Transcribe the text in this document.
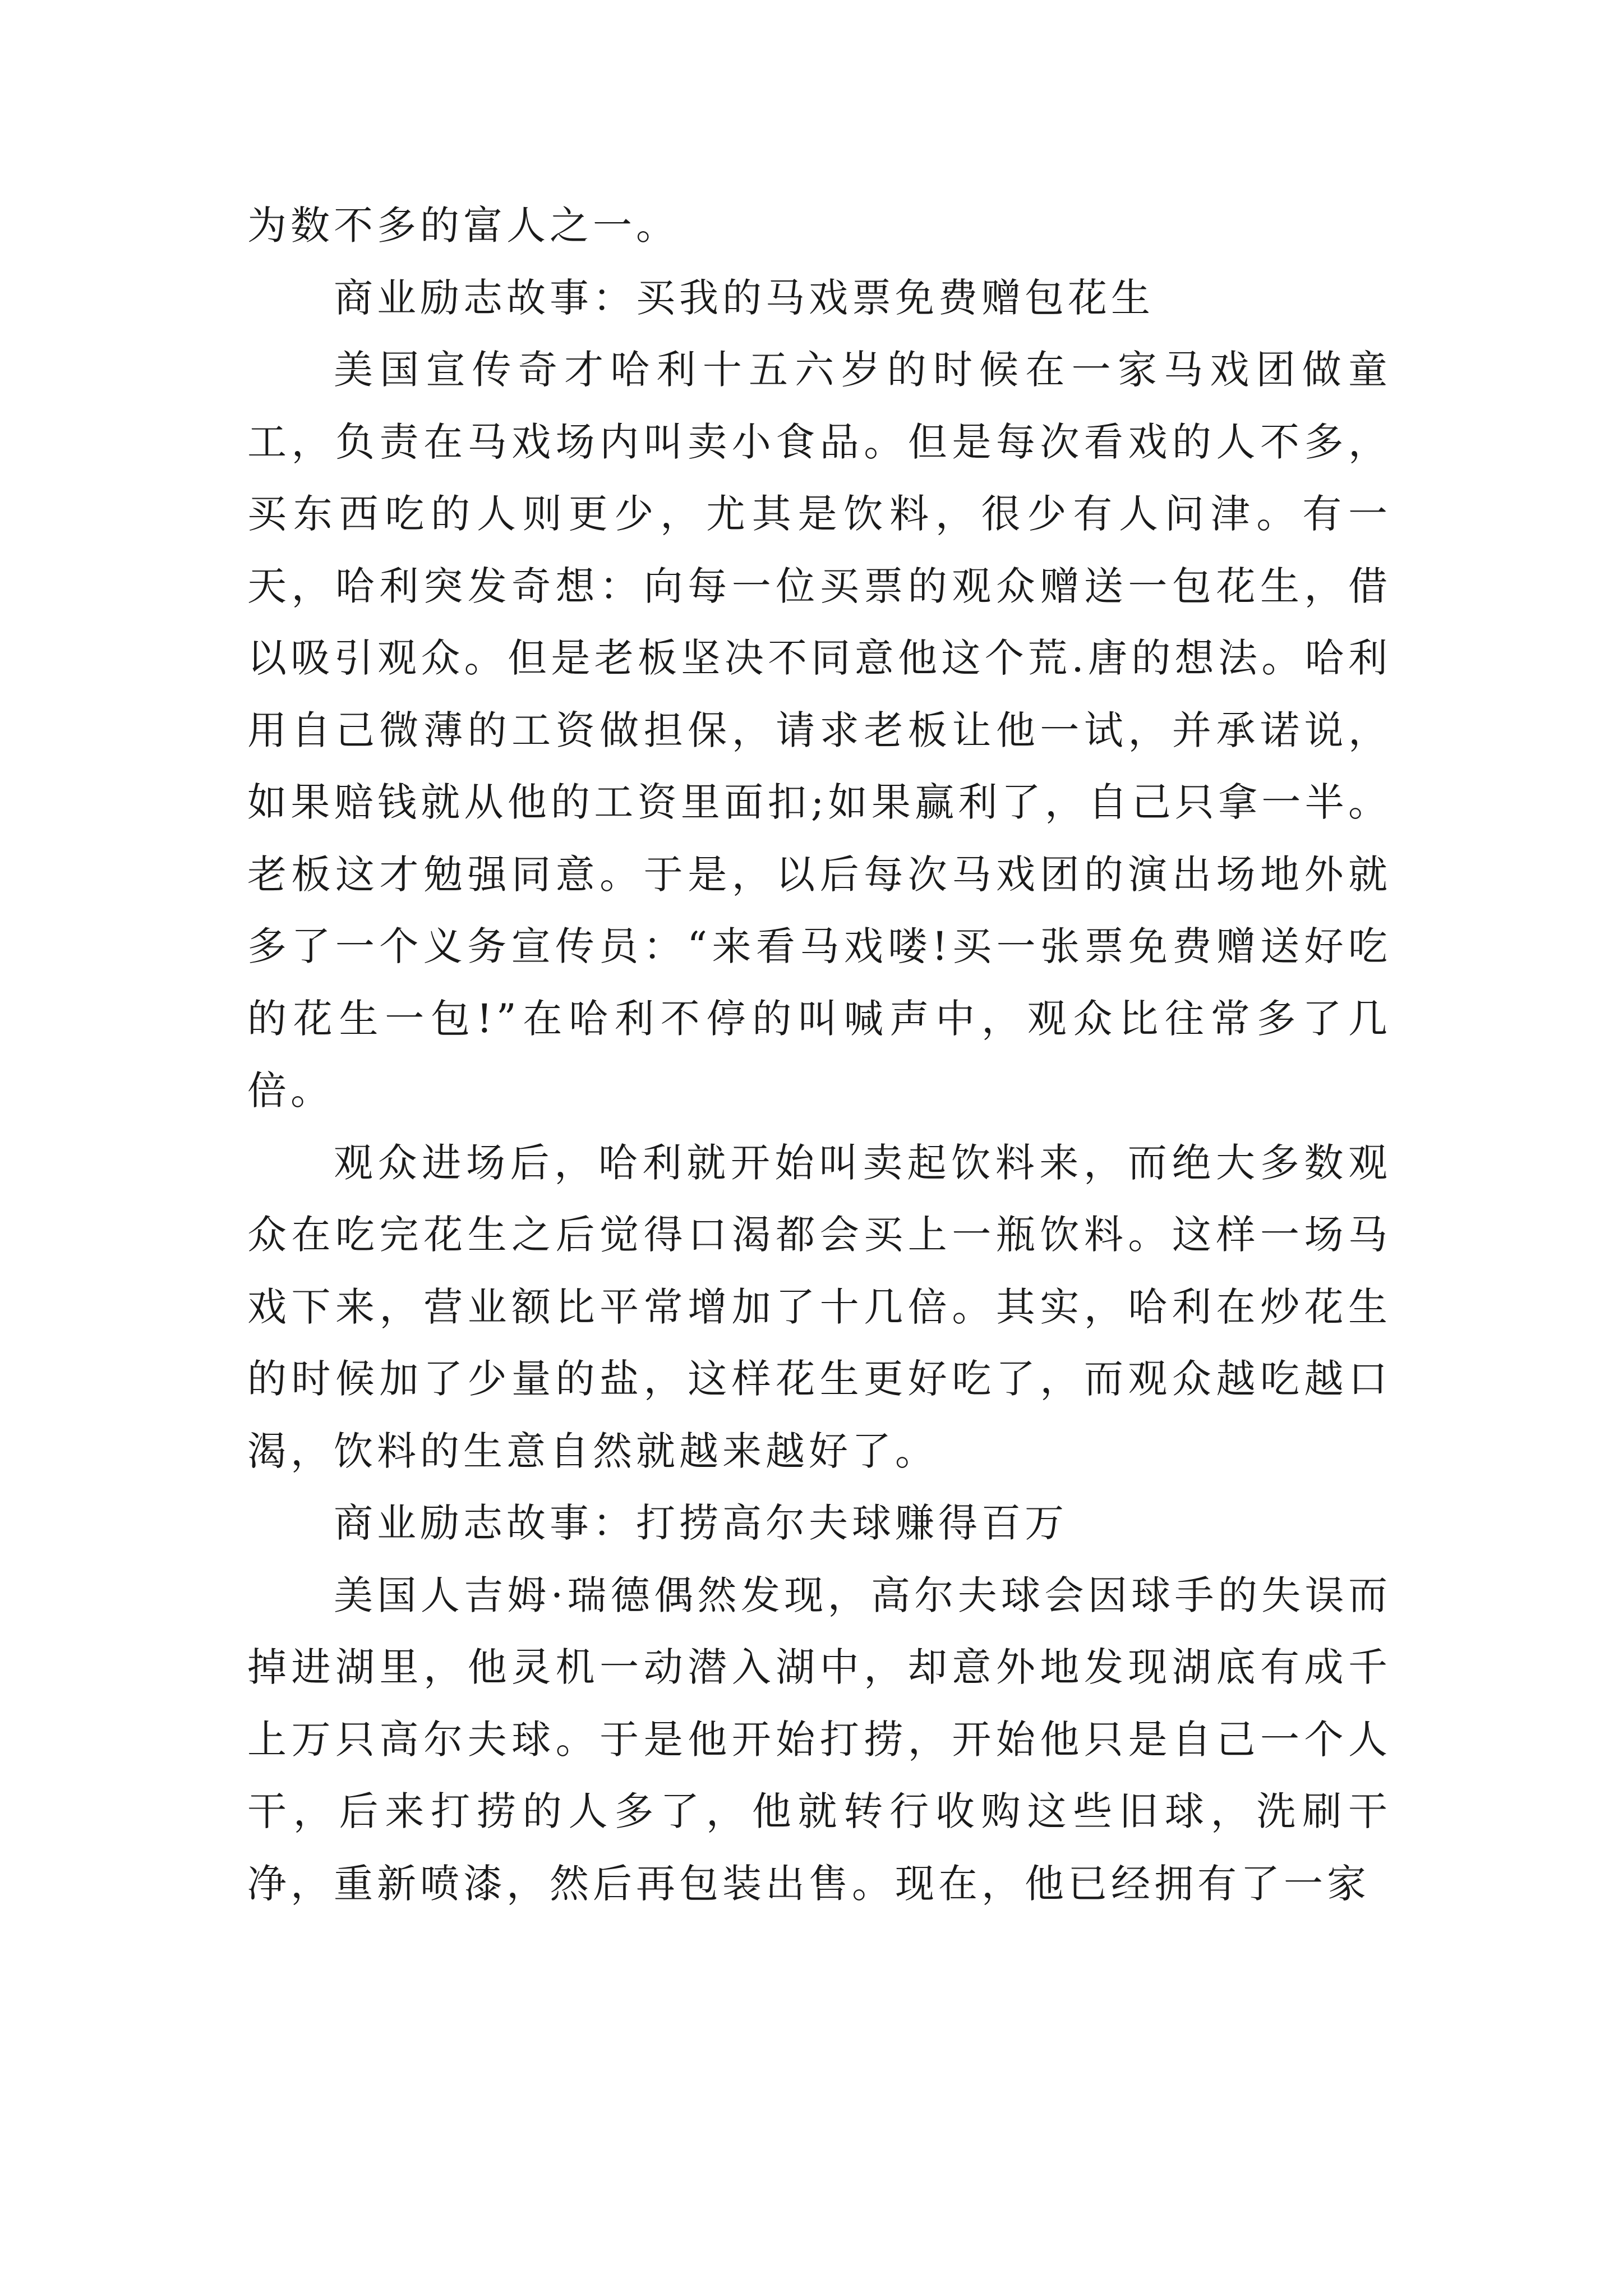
为数不多的富人之一。

商业励志故事：买我的马戏票免费赠包花生

美国宣传奇才哈利十五六岁的时候在一家马戏团做童工，负责在马戏场内叫卖小食品。但是每次看戏的人不多，买东西吃的人则更少，尤其是饮料，很少有人问津。有一天，哈利突发奇想：向每一位买票的观众赠送一包花生，借以吸引观众。但是老板坚决不同意他这个荒.唐的想法。哈利用自己微薄的工资做担保，请求老板让他一试，并承诺说，如果赔钱就从他的工资里面扣;如果赢利了，自己只拿一半。老板这才勉强同意。于是，以后每次马戏团的演出场地外就多了一个义务宣传员：“来看马戏喽!买一张票免费赠送好吃的花生一包!”在哈利不停的叫喊声中，观众比往常多了几倍。

观众进场后，哈利就开始叫卖起饮料来，而绝大多数观众在吃完花生之后觉得口渴都会买上一瓶饮料。这样一场马戏下来，营业额比平常增加了十几倍。其实，哈利在炒花生的时候加了少量的盐，这样花生更好吃了，而观众越吃越口渴，饮料的生意自然就越来越好了。

商业励志故事：打捞高尔夫球赚得百万

美国人吉姆·瑞德偶然发现，高尔夫球会因球手的失误而掉进湖里，他灵机一动潜入湖中，却意外地发现湖底有成千上万只高尔夫球。于是他开始打捞，开始他只是自己一个人干，后来打捞的人多了，他就转行收购这些旧球，洗刷干净，重新喷漆，然后再包装出售。现在，他已经拥有了一家
